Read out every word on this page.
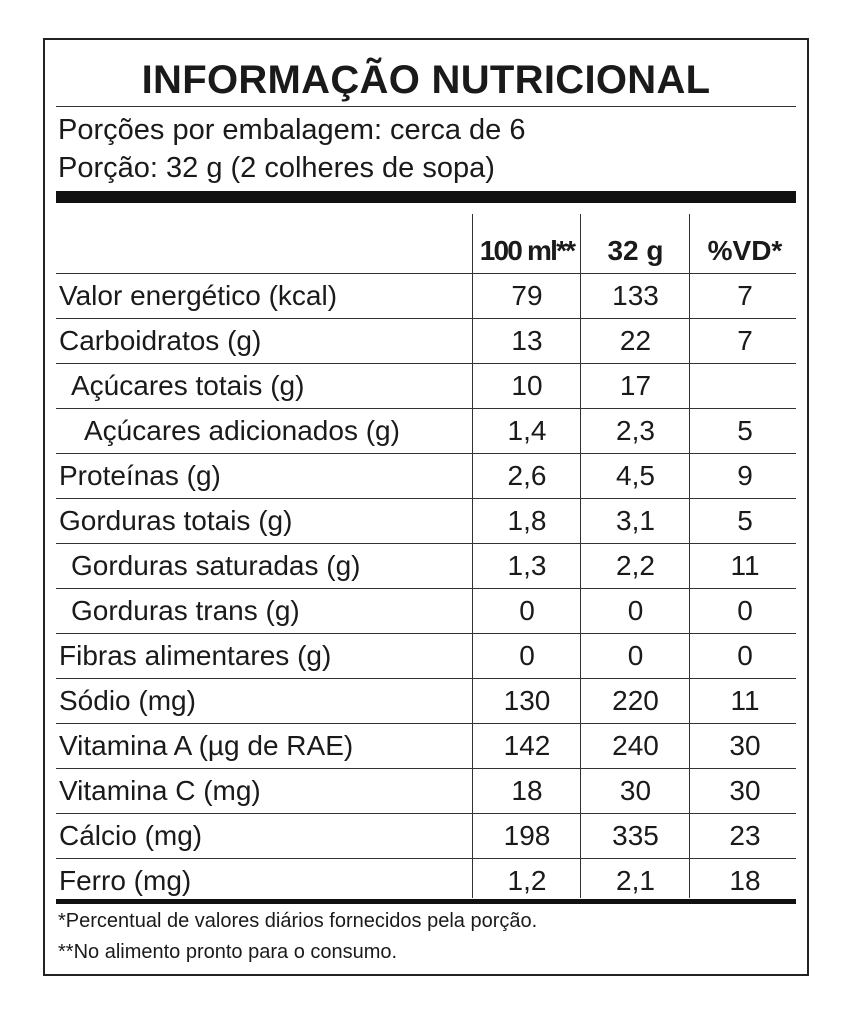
INFORMAÇÃO NUTRICIONAL
Porções por embalagem: cerca de 6
Porção: 32 g (2 colheres de sopa)
100 ml**	32 g	%VD*
Valor energético (kcal)	79	133	7
Carboidratos (g)	13	22	7
Açúcares totais (g)	10	17
Açúcares adicionados (g)	1,4	2,3	5
Proteínas (g)	2,6	4,5	9
Gorduras totais (g)	1,8	3,1	5
Gorduras saturadas (g)	1,3	2,2	11
Gorduras trans (g)	0	0	0
Fibras alimentares (g)	0	0	0
Sódio (mg)	130	220	11
Vitamina A (µg de RAE)	142	240	30
Vitamina C (mg)	18	30	30
Cálcio (mg)	198	335	23
Ferro (mg)	1,2	2,1	18
*Percentual de valores diários fornecidos pela porção.
**No alimento pronto para o consumo.
